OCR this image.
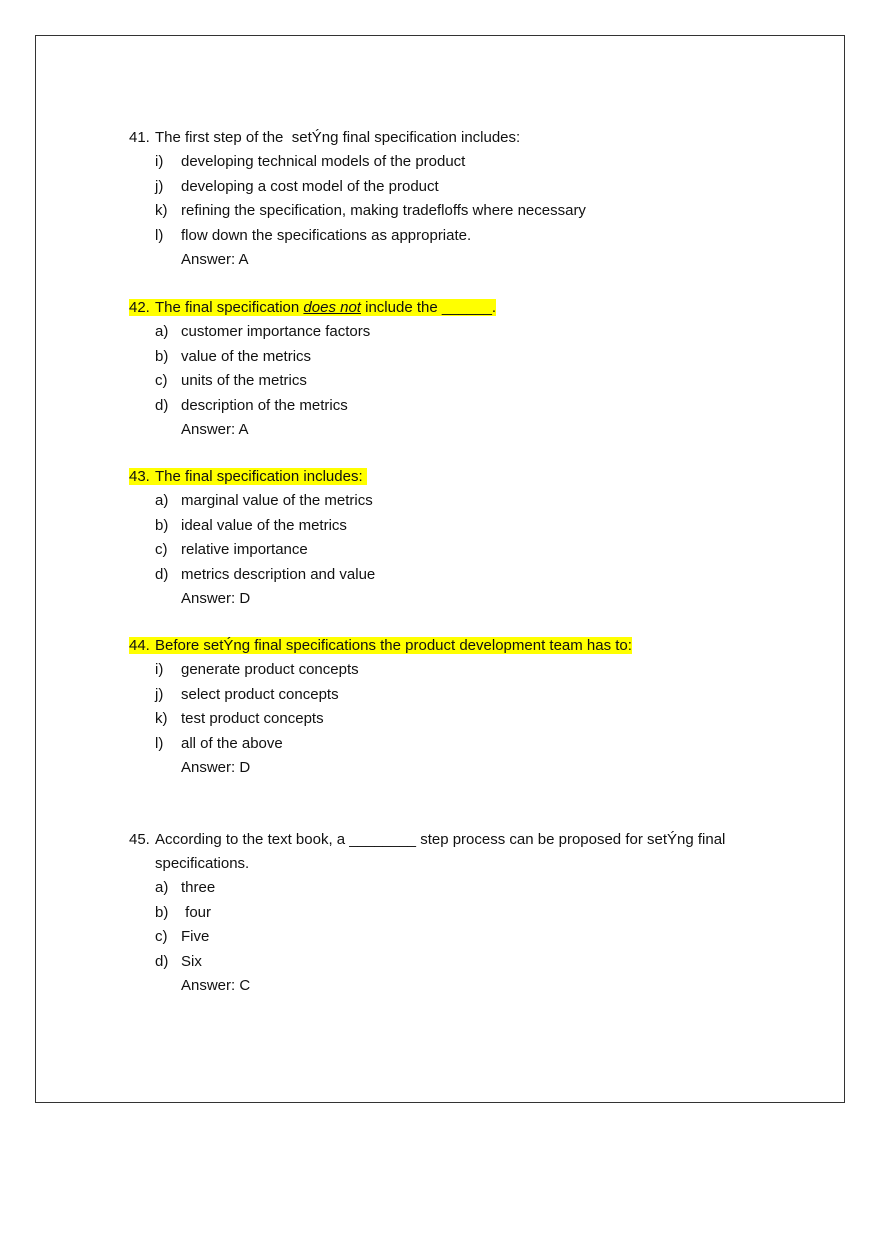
41. The first step of the  setÝng final specification includes:
i) developing technical models of the product
j) developing a cost model of the product
k) refining the specification, making tradefloffs where necessary
l) flow down the specifications as appropriate.
Answer: A
42. The final specification does not include the ______.
a) customer importance factors
b) value of the metrics
c) units of the metrics
d) description of the metrics
Answer: A
43. The final specification includes:
a) marginal value of the metrics
b) ideal value of the metrics
c) relative importance
d) metrics description and value
Answer: D
44. Before setÝng final specifications the product development team has to:
i) generate product concepts
j) select product concepts
k) test product concepts
l) all of the above
Answer: D
45. According to the text book, a ________ step process can be proposed for setÝng final
specifications.
a) three
b) four
c) Five
d) Six
Answer: C
